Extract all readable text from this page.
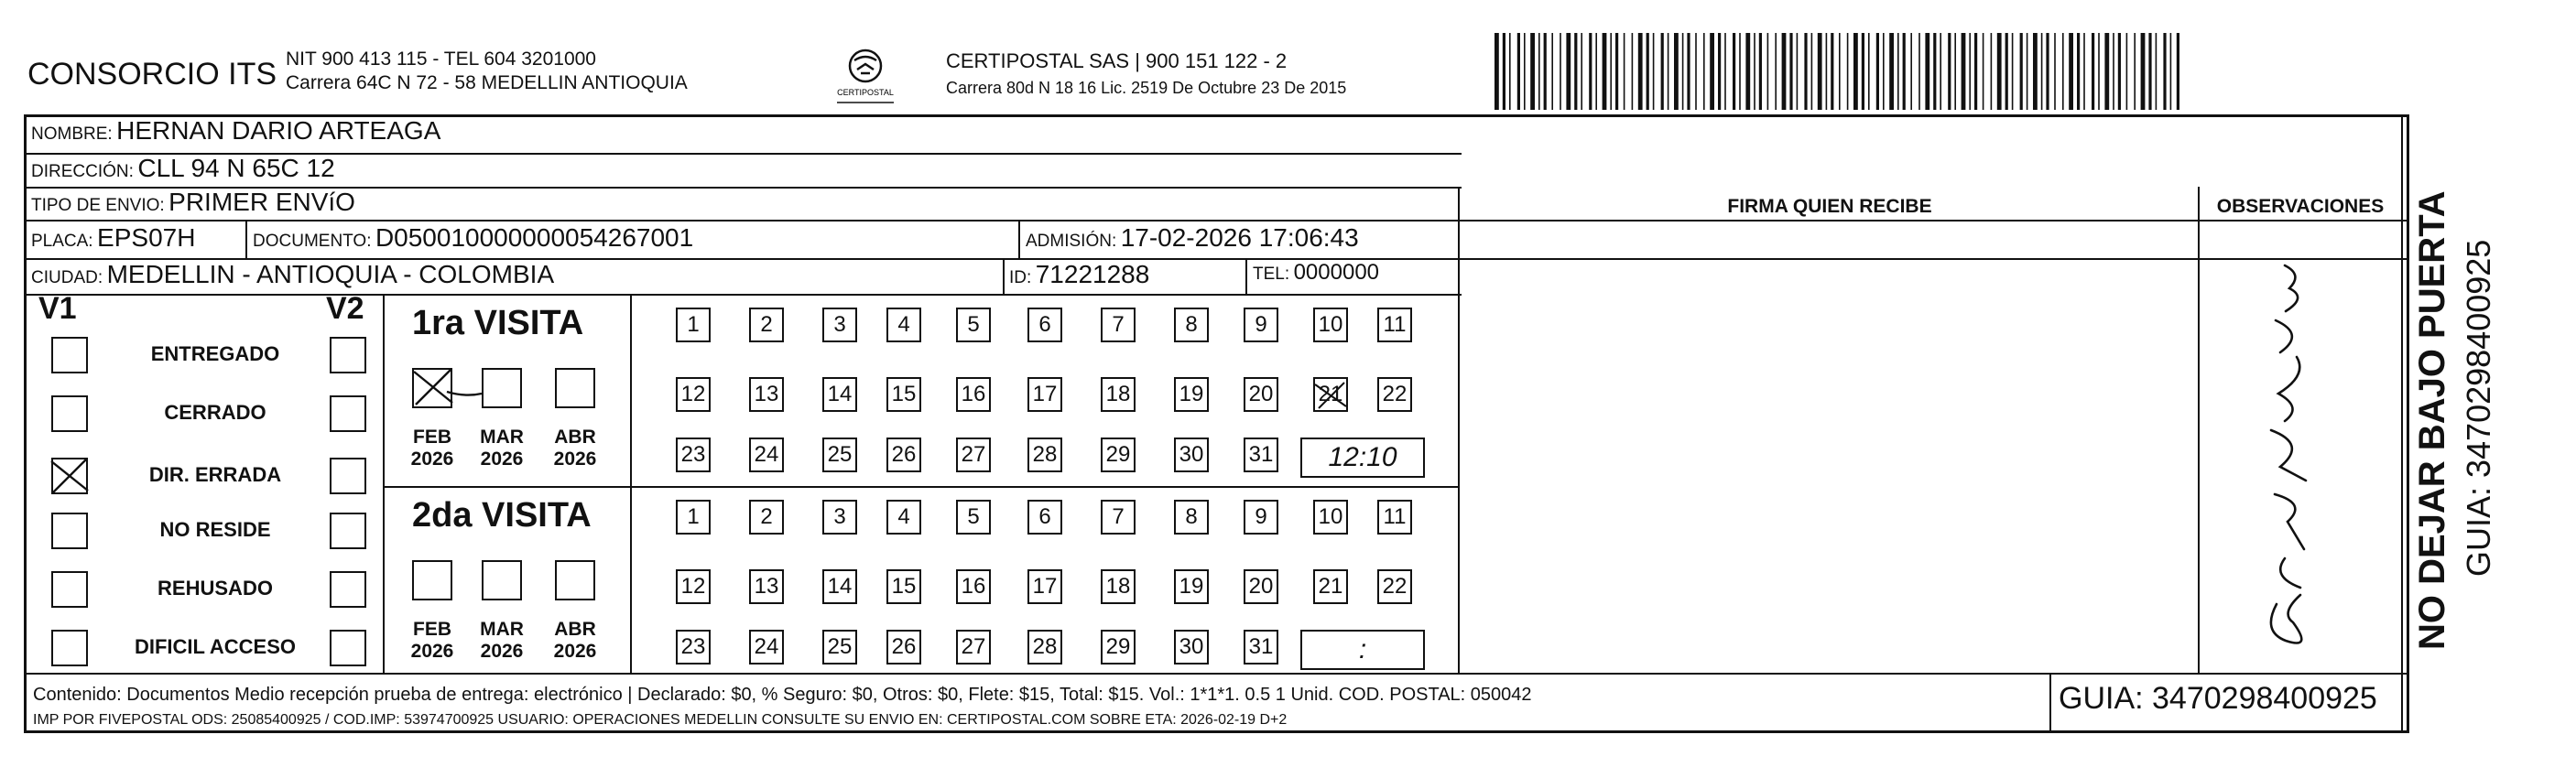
CONSORCIO ITS NIT 900 413 115 - TEL 604 3201000
Carrera 64C N 72 - 58 MEDELLIN ANTIOQUIA	CERTIPOSTAL
CERTIPOSTAL SAS | 900 151 122 - 2
Carrera 80d N 18 16 Lic. 2519 De Octubre 23 De 2015
NOMBRE: HERNAN DARIO ARTEAGA
DIRECCIÓN: CLL 94 N 65C 12
TIPO DE ENVIO: PRIMER ENVíO	FIRMA QUIEN RECIBE	OBSERVACIONES
PLACA: EPS07H	DOCUMENTO: D050010000000054267001	ADMISIÓN: 17-02-2026 17:06:43
CIUDAD: MEDELLIN - ANTIOQUIA - COLOMBIA	ID: 71221288	TEL: 0000000
V1	V2
ENTREGADO
CERRADO
DIR. ERRADA
NO RESIDE
REHUSADO
DIFICIL ACCESO
1ra VISITA
2da VISITA
FEB
2026
MAR
2026
ABR
2026
1	2	3 4	5	6	7	8	9 10 11
12 13 14 15 16 17 18 19 20 21 22
23 24 25 26 27 28 29 30 31 12:10
FEB
2026
MAR
2026
ABR
2026
1	2	3 4	5	6	7	8	9 10 11
12 13 14 15 16 17 18 19 20 21 22
23 24 25 26 27 28 29 30 31	:	NO DEJAR BAJO PUERTA GUIA: 3470298400925
Contenido: Documentos Medio recepción prueba de entrega: electrónico | Declarado: $0, % Seguro: $0, Otros: $0, Flete: $15, Total: $15. Vol.: 1*1*1. 0.5 1 Unid. COD. POSTAL: 050042
IMP POR FIVEPOSTAL ODS: 25085400925 / COD.IMP: 53974700925 USUARIO: OPERACIONES MEDELLIN CONSULTE SU ENVIO EN: CERTIPOSTAL.COM SOBRE ETA: 2026-02-19 D+2
GUIA: 3470298400925
